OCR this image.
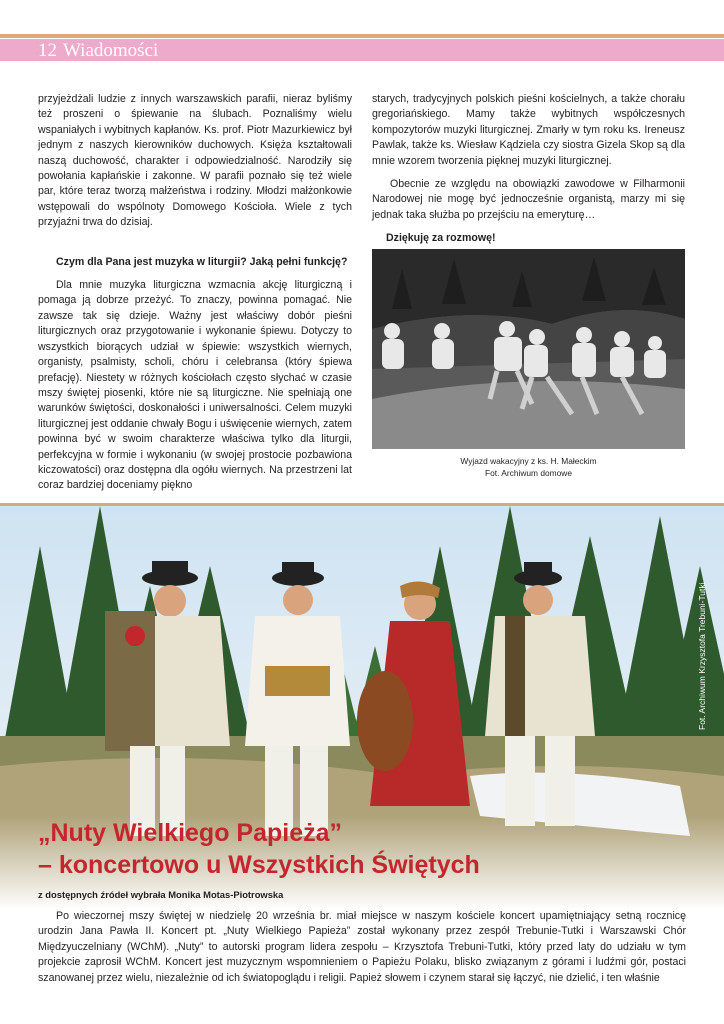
12 Wiadomości

przyjeżdżali ludzie z innych warszawskich parafii, nieraz byliśmy też proszeni o śpiewanie na ślubach. Poznaliśmy wielu wspaniałych i wybitnych kapłanów. Ks. prof. Piotr Mazurkiewicz był jednym z naszych kierowników duchowych. Księża kształtowali naszą duchowość, charakter i odpowiedzialność. Narodziły się powołania kapłańskie i zakonne. W parafii poznało się też wiele par, które teraz tworzą małżeństwa i rodziny. Młodzi małżonkowie wstępowali do wspólnoty Domowego Kościoła. Wiele z tych przyjaźni trwa do dzisiaj.

Czym dla Pana jest muzyka w liturgii? Jaką pełni funkcję?

Dla mnie muzyka liturgiczna wzmacnia akcję liturgiczną i pomaga ją dobrze przeżyć. To znaczy, powinna pomagać. Nie zawsze tak się dzieje. Ważny jest właściwy dobór pieśni liturgicznych oraz przygotowanie i wykonanie śpiewu. Dotyczy to wszystkich biorących udział w śpiewie: wszystkich wiernych, organisty, psalmisty, scholi, chóru i celebransa (który śpiewa prefację). Niestety w różnych kościołach często słychać w czasie mszy świętej piosenki, które nie są liturgiczne. Nie spełniają one warunków świętości, doskonałości i uniwersalności. Celem muzyki liturgicznej jest oddanie chwały Bogu i uświęcenie wiernych, zatem powinna być w swoim charakterze właściwa tylko dla liturgii, perfekcyjna w formie i wykonaniu (w swojej prostocie pozbawiona kiczowatości) oraz dostępna dla ogółu wiernych. Na przestrzeni lat coraz bardziej doceniamy piękno

starych, tradycyjnych polskich pieśni kościelnych, a także chorału gregoriańskiego. Mamy także wybitnych współczesnych kompozytorów muzyki liturgicznej. Zmarły w tym roku ks. Ireneusz Pawlak, także ks. Wiesław Kądziela czy siostra Gizela Skop są dla mnie wzorem tworzenia pięknej muzyki liturgicznej.

Obecnie ze względu na obowiązki zawodowe w Filharmonii Narodowej nie mogę być jednocześnie organistą, marzy mi się jednak taka służba po przejściu na emeryturę…

Dziękuję za rozmowę!

Wyjazd wakacyjny z ks. H. Małeckim
Fot. Archiwum domowe
„Nuty Wielkiego Papieża”
– koncertowo u Wszystkich Świętych
z dostępnych źródeł wybrała Monika Motas-Piotrowska

Po wieczornej mszy świętej w niedzielę 20 września br. miał miejsce w naszym kościele koncert upamiętniający setną rocznicę urodzin Jana Pawła II. Koncert pt. „Nuty Wielkiego Papieża” został wykonany przez zespół Trebunie-Tutki i Warszawski Chór Międzyuczelniany (WChM). „Nuty” to autorski program lidera zespołu – Krzysztofa Trebuni-Tutki, który przed laty do udziału w tym projekcie zaprosił WChM. Koncert jest muzycznym wspomnieniem o Papieżu Polaku, blisko związanym z górami i ludźmi gór, postaci szanowanej przez wielu, niezależnie od ich światopoglądu i religii. Papież słowem i czynem starał się łączyć, nie dzielić, i ten właśnie
